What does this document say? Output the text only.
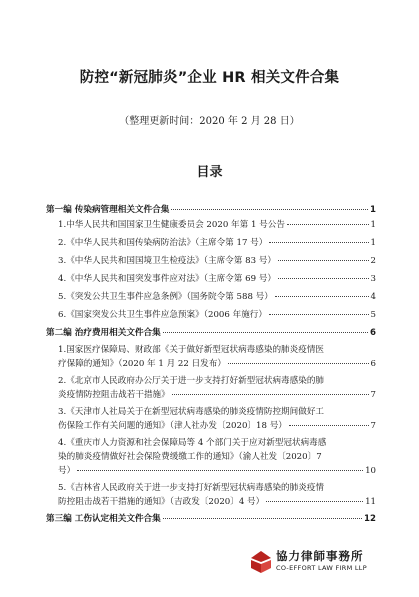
防控“新冠肺炎”企业 HR 相关文件合集
（整理更新时间：2020 年 2 月 28 日）
目录
第一编 传染病管理相关文件合集	1
1.中华人民共和国国家卫生健康委员会 2020 年第 1 号公告	1
2.《中华人民共和国传染病防治法》（主席令第 17 号）	1
3.《中华人民共和国国境卫生检疫法》（主席令第 83 号）	2
4.《中华人民共和国突发事件应对法》（主席令第 69 号）	3
5.《突发公共卫生事件应急条例》（国务院令第 588 号）	4
6.《国家突发公共卫生事件应急预案》（2006 年施行）	5
第二编 治疗费用相关文件合集	6
1.国家医疗保障局、财政部《关于做好新型冠状病毒感染的肺炎疫情医
疗保障的通知》（2020 年 1 月 22 日发布）	6
2.《北京市人民政府办公厅关于进一步支持打好新型冠状病毒感染的肺
炎疫情防控阻击战若干措施》	7
3.《天津市人社局关于在新型冠状病毒感染的肺炎疫情防控期间做好工
伤保险工作有关问题的通知》（津人社办发〔2020〕18 号）	7
4.《重庆市人力资源和社会保障局等 4 个部门关于应对新型冠状病毒感
染的肺炎疫情做好社会保险费缓缴工作的通知》（渝人社发〔2020〕7
号）	10
5.《吉林省人民政府关于进一步支持打好新型冠状病毒感染的肺炎疫情
防控阻击战若干措施的通知》（吉政发〔2020〕4 号）	11
第三编 工伤认定相关文件合集	12
協力律師事務所
CO-EFFORT LAW FIRM LLP
